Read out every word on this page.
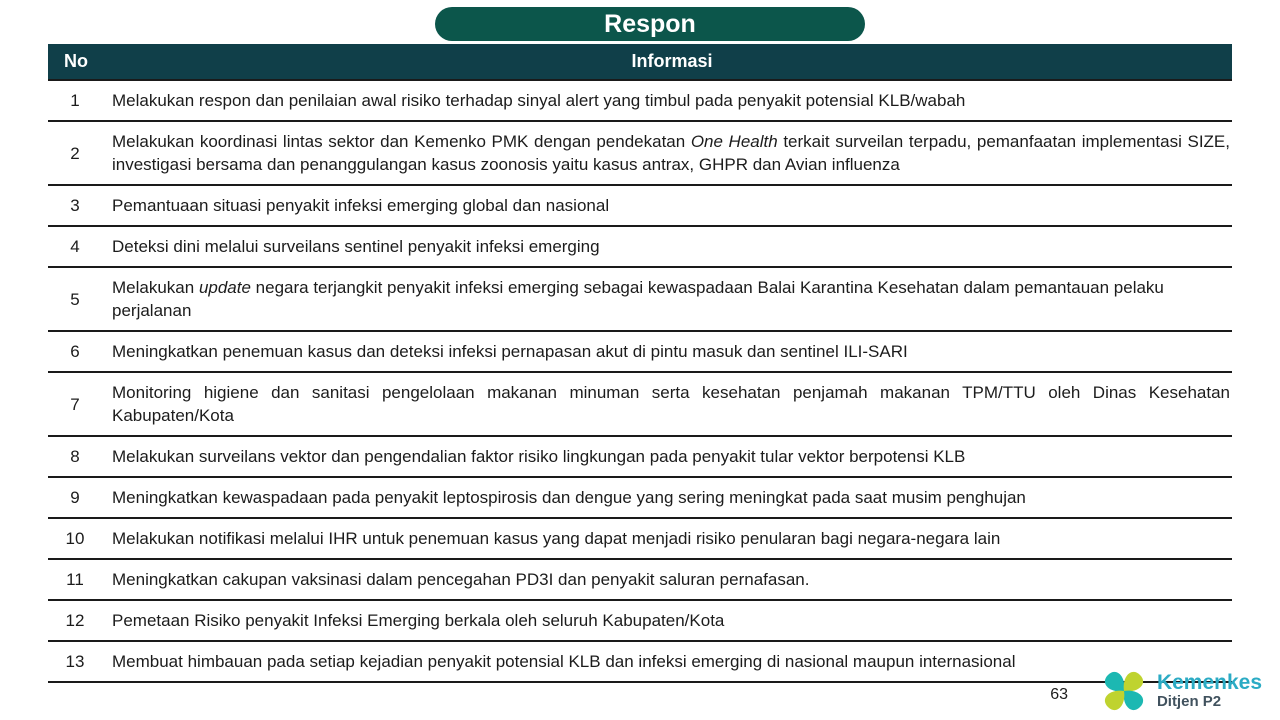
Respon
No	Informasi
1	Melakukan respon dan penilaian awal risiko terhadap sinyal alert yang timbul pada penyakit potensial KLB/wabah
2	Melakukan koordinasi lintas sektor dan Kemenko PMK dengan pendekatan One Health terkait surveilan terpadu, pemanfaatan implementasi SIZE, investigasi bersama dan penanggulangan kasus zoonosis yaitu kasus antrax, GHPR dan Avian influenza
3	Pemantuaan situasi penyakit infeksi emerging global dan nasional
4	Deteksi dini melalui surveilans sentinel penyakit infeksi emerging
5	Melakukan update negara terjangkit penyakit infeksi emerging sebagai kewaspadaan Balai Karantina Kesehatan dalam pemantauan pelaku perjalanan
6	Meningkatkan penemuan kasus dan deteksi infeksi pernapasan akut di pintu masuk dan sentinel ILI-SARI
7	Monitoring higiene dan sanitasi pengelolaan makanan minuman serta kesehatan penjamah makanan TPM/TTU oleh Dinas Kesehatan Kabupaten/Kota
8	Melakukan surveilans vektor dan pengendalian faktor risiko lingkungan pada penyakit tular vektor berpotensi KLB
9	Meningkatkan kewaspadaan pada penyakit leptospirosis dan dengue yang sering meningkat pada saat musim penghujan
10	Melakukan notifikasi melalui IHR untuk penemuan kasus yang dapat menjadi risiko penularan bagi negara-negara lain
11	Meningkatkan cakupan vaksinasi dalam pencegahan PD3I dan penyakit saluran pernafasan.
12	Pemetaan Risiko penyakit Infeksi Emerging berkala oleh seluruh Kabupaten/Kota
13	Membuat himbauan pada setiap kejadian penyakit potensial KLB dan infeksi emerging di nasional maupun internasional
63
Kemenkes
Ditjen P2
